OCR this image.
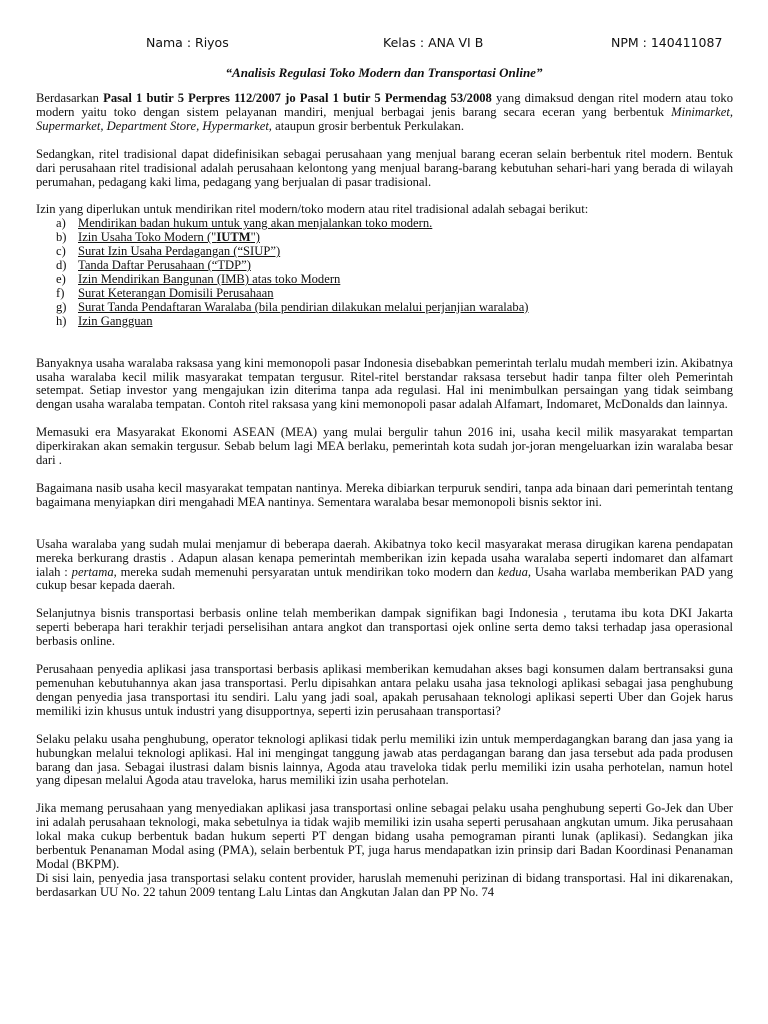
Nama : Riyos	Kelas : ANA VI B	NPM : 140411087
“Analisis Regulasi Toko Modern dan Transportasi Online”

Berdasarkan Pasal 1 butir 5 Perpres 112/2007 jo Pasal 1 butir 5 Permendag 53/2008 yang dimaksud dengan ritel modern atau toko modern yaitu toko dengan sistem pelayanan mandiri, menjual berbagai jenis barang secara eceran yang berbentuk Minimarket, Supermarket, Department Store, Hypermarket, ataupun grosir berbentuk Perkulakan.

Sedangkan, ritel tradisional dapat didefinisikan sebagai perusahaan yang menjual barang eceran selain berbentuk ritel modern. Bentuk dari perusahaan ritel tradisional adalah perusahaan kelontong yang menjual barang-barang kebutuhan sehari-hari yang berada di wilayah perumahan, pedagang kaki lima, pedagang yang berjualan di pasar tradisional.

Izin yang diperlukan untuk mendirikan ritel modern/toko modern atau ritel tradisional adalah sebagai berikut:

a) Mendirikan badan hukum untuk yang akan menjalankan toko modern.
b) Izin Usaha Toko Modern ("IUTM")
c) Surat Izin Usaha Perdagangan (“SIUP”)
d) Tanda Daftar Perusahaan (“TDP”)
e) Izin Mendirikan Bangunan (IMB) atas toko Modern
f)	Surat Keterangan Domisili Perusahaan
g) Surat Tanda Pendaftaran Waralaba (bila pendirian dilakukan melalui perjanjian waralaba)
h) Izin Gangguan

Banyaknya usaha waralaba raksasa yang kini memonopoli pasar Indonesia disebabkan pemerintah terlalu mudah memberi izin. Akibatnya usaha waralaba kecil milik masyarakat tempatan tergusur. Ritel-ritel berstandar raksasa tersebut hadir tanpa filter oleh Pemerintah setempat. Setiap investor yang mengajukan izin diterima tanpa ada regulasi. Hal ini menimbulkan persaingan yang tidak seimbang dengan usaha waralaba tempatan. Contoh ritel raksasa yang kini memonopoli pasar adalah Alfamart, Indomaret, McDonalds dan lainnya.

Memasuki era Masyarakat Ekonomi ASEAN (MEA) yang mulai bergulir tahun 2016 ini, usaha kecil milik masyarakat tempartan diperkirakan akan semakin tergusur. Sebab belum lagi MEA berlaku, pemerintah kota sudah jor-joran mengeluarkan izin waralaba besar dari .

Bagaimana nasib usaha kecil masyarakat tempatan nantinya. Mereka dibiarkan terpuruk sendiri, tanpa ada binaan dari pemerintah tentang bagaimana menyiapkan diri mengahadi MEA nantinya. Sementara waralaba besar memonopoli bisnis sektor ini.

Usaha waralaba yang sudah mulai menjamur di beberapa daerah. Akibatnya toko kecil masyarakat merasa dirugikan karena pendapatan mereka berkurang drastis . Adapun alasan kenapa pemerintah memberikan izin kepada usaha waralaba seperti indomaret dan alfamart ialah : pertama, mereka sudah memenuhi persyaratan untuk mendirikan toko modern dan kedua, Usaha warlaba memberikan PAD yang cukup besar kepada daerah.

Selanjutnya bisnis transportasi berbasis online telah memberikan dampak signifikan bagi Indonesia , terutama ibu kota DKI Jakarta seperti beberapa hari terakhir terjadi perselisihan antara angkot dan transportasi ojek online serta demo taksi terhadap jasa operasional berbasis online.

Perusahaan penyedia aplikasi jasa transportasi berbasis aplikasi memberikan kemudahan akses bagi konsumen dalam bertransaksi guna pemenuhan kebutuhannya akan jasa transportasi. Perlu dipisahkan antara pelaku usaha jasa teknologi aplikasi sebagai jasa penghubung dengan penyedia jasa transportasi itu sendiri. Lalu yang jadi soal, apakah perusahaan teknologi aplikasi seperti Uber dan Gojek harus memiliki izin khusus untuk industri yang disupportnya, seperti izin perusahaan transportasi?

Selaku pelaku usaha penghubung, operator teknologi aplikasi tidak perlu memiliki izin untuk memperdagangkan barang dan jasa yang ia hubungkan melalui teknologi aplikasi. Hal ini mengingat tanggung jawab atas perdagangan barang dan jasa tersebut ada pada produsen barang dan jasa. Sebagai ilustrasi dalam bisnis lainnya, Agoda atau traveloka tidak perlu memiliki izin usaha perhotelan, namun hotel yang dipesan melalui Agoda atau traveloka, harus memiliki izin usaha perhotelan.

Jika memang perusahaan yang menyediakan aplikasi jasa transportasi online sebagai pelaku usaha penghubung seperti Go-Jek dan Uber ini adalah perusahaan teknologi, maka sebetulnya ia tidak wajib memiliki izin usaha seperti perusahaan angkutan umum. Jika perusahaan lokal maka cukup berbentuk badan hukum seperti PT dengan bidang usaha pemograman piranti lunak (aplikasi). Sedangkan jika berbentuk Penanaman Modal asing (PMA), selain berbentuk PT, juga harus mendapatkan izin prinsip dari Badan Koordinasi Penanaman Modal (BKPM).

Di sisi lain, penyedia jasa transportasi selaku content provider, haruslah memenuhi perizinan di bidang transportasi. Hal ini dikarenakan, berdasarkan UU No. 22 tahun 2009 tentang Lalu Lintas dan Angkutan Jalan dan PP No. 74
